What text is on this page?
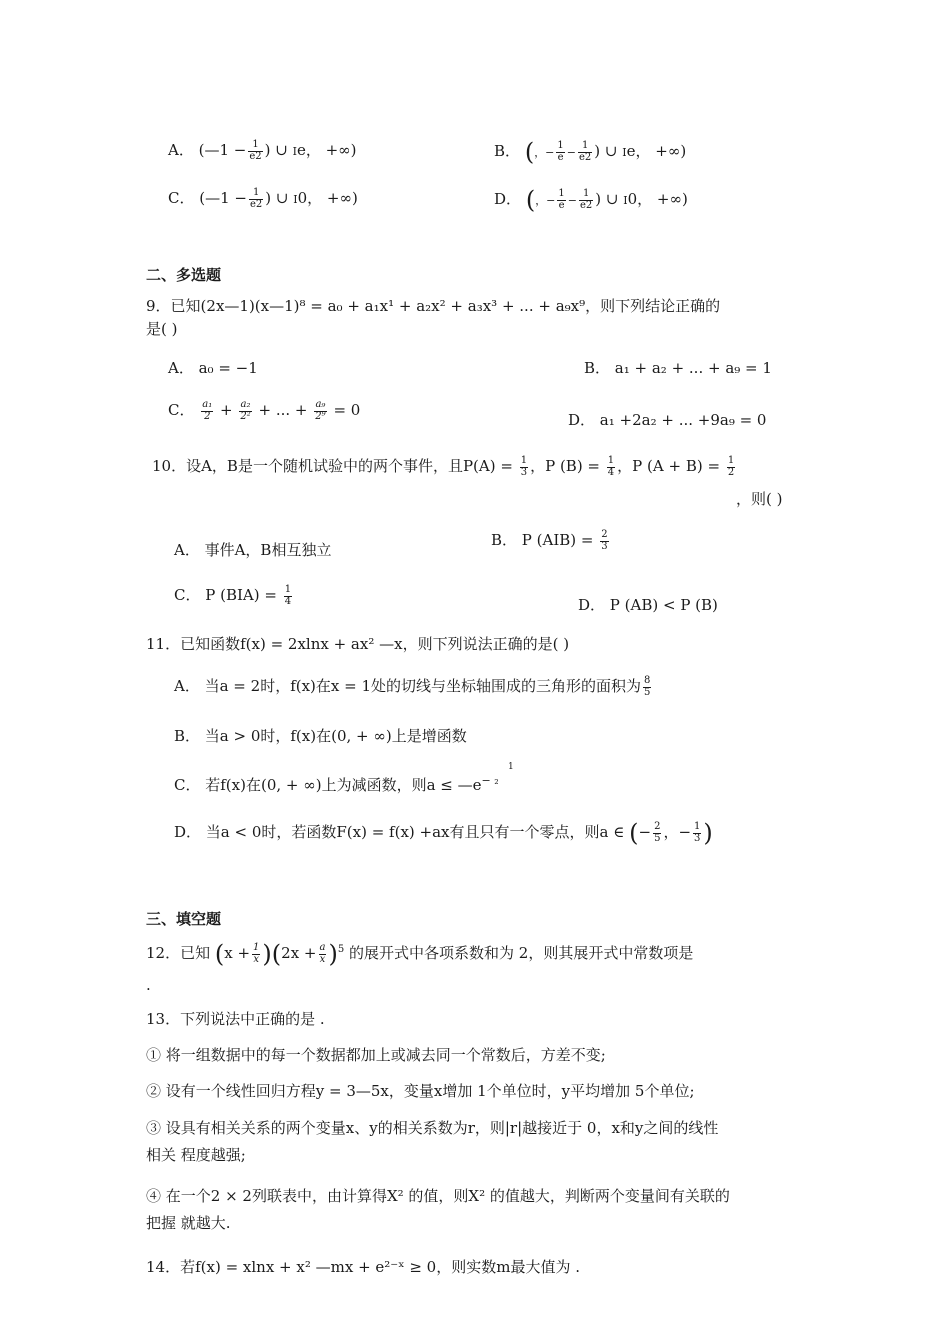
A． (—1 − $\frac{1}{e2}$ ) ∪ Ie， +∞)	B． (，− $\frac{1}{e} - \frac{1}{e2}$ ) ∪ Ie， +∞)
C． (—1 − $\frac{1}{e2}$ ) ∪ I0， +∞)	D． (，− $\frac{1}{e} - \frac{1}{e2}$ ) ∪ I0， +∞)
二、多选题
9．已知(2x—1)(x—1)⁸ = a₀ + a₁x¹ + a₂x² + a₃x³ + ... + a₉x⁹，则下列结论正确的
是( )
A． a₀ = −1	B． a₁ + a₂ + ... + a₉ = 1
C． $\frac{\text{a₁}}{2} + \frac{\text{a₂}}{\text{2²}}$ + ... + $\frac{\text{a₉}}{\text{2⁹}} = 0$
D． a₁ +2a₂ + ... +9a₉ = 0
10．设A，B是一个随机试验中的两个事件，且$P(A) = \frac{1}{3}$ ，P $(B) = \frac{1}{4}$ ，P $(A + B) = \frac{1}{2}$
，则( )
A． 事件A，B相互独立
B． P $(AIB) = \frac{2}{3}$
C． P $(BIA) = \frac{1}{4}$	D． P (AB) < P (B)
11．已知函数f(x) = 2xlnx + ax² —x，则下列说法正确的是( )
A． 当a = 2时，f(x)在x = 1处的切线与坐标轴围成的三角形的面积为 $\frac{8}{5}$
B． 当a > 0时，f(x)在(0, + ∞)上是增函数
C． 若f(x)在(0, + ∞)上为减函数，则$a \le —e^{- _2}$
1
D． 当a < 0时，若函数F(x) = f(x) +ax有且只有一个零点，则a ∈ (− $\frac{2}{5}$ ，− $\frac{1}{3}$ )
三、填空题
12．已知 $(x + \frac{1}{x} )(2x + \frac{a}{x} )^5$ 的展开式中各项系数和为 2，则其展开式中常数项是
.
13．下列说法中正确的是 .
① 将一组数据中的每一个数据都加上或减去同一个常数后，方差不变;
② 设有一个线性回归方程y = 3—5x，变量x增加 1个单位时，y平均增加 5个单位;
③ 设具有相关关系的两个变量x、y的相关系数为r，则|r|越接近于 0，x和y之间的线性
相关 程度越强;
④ 在一个2 × 2列联表中，由计算得X² 的值，则X² 的值越大，判断两个变量间有关联的
把握 就越大.
14．若f(x) = xlnx + x² —mx + e²⁻ˣ ≥ 0，则实数m最大值为 .
